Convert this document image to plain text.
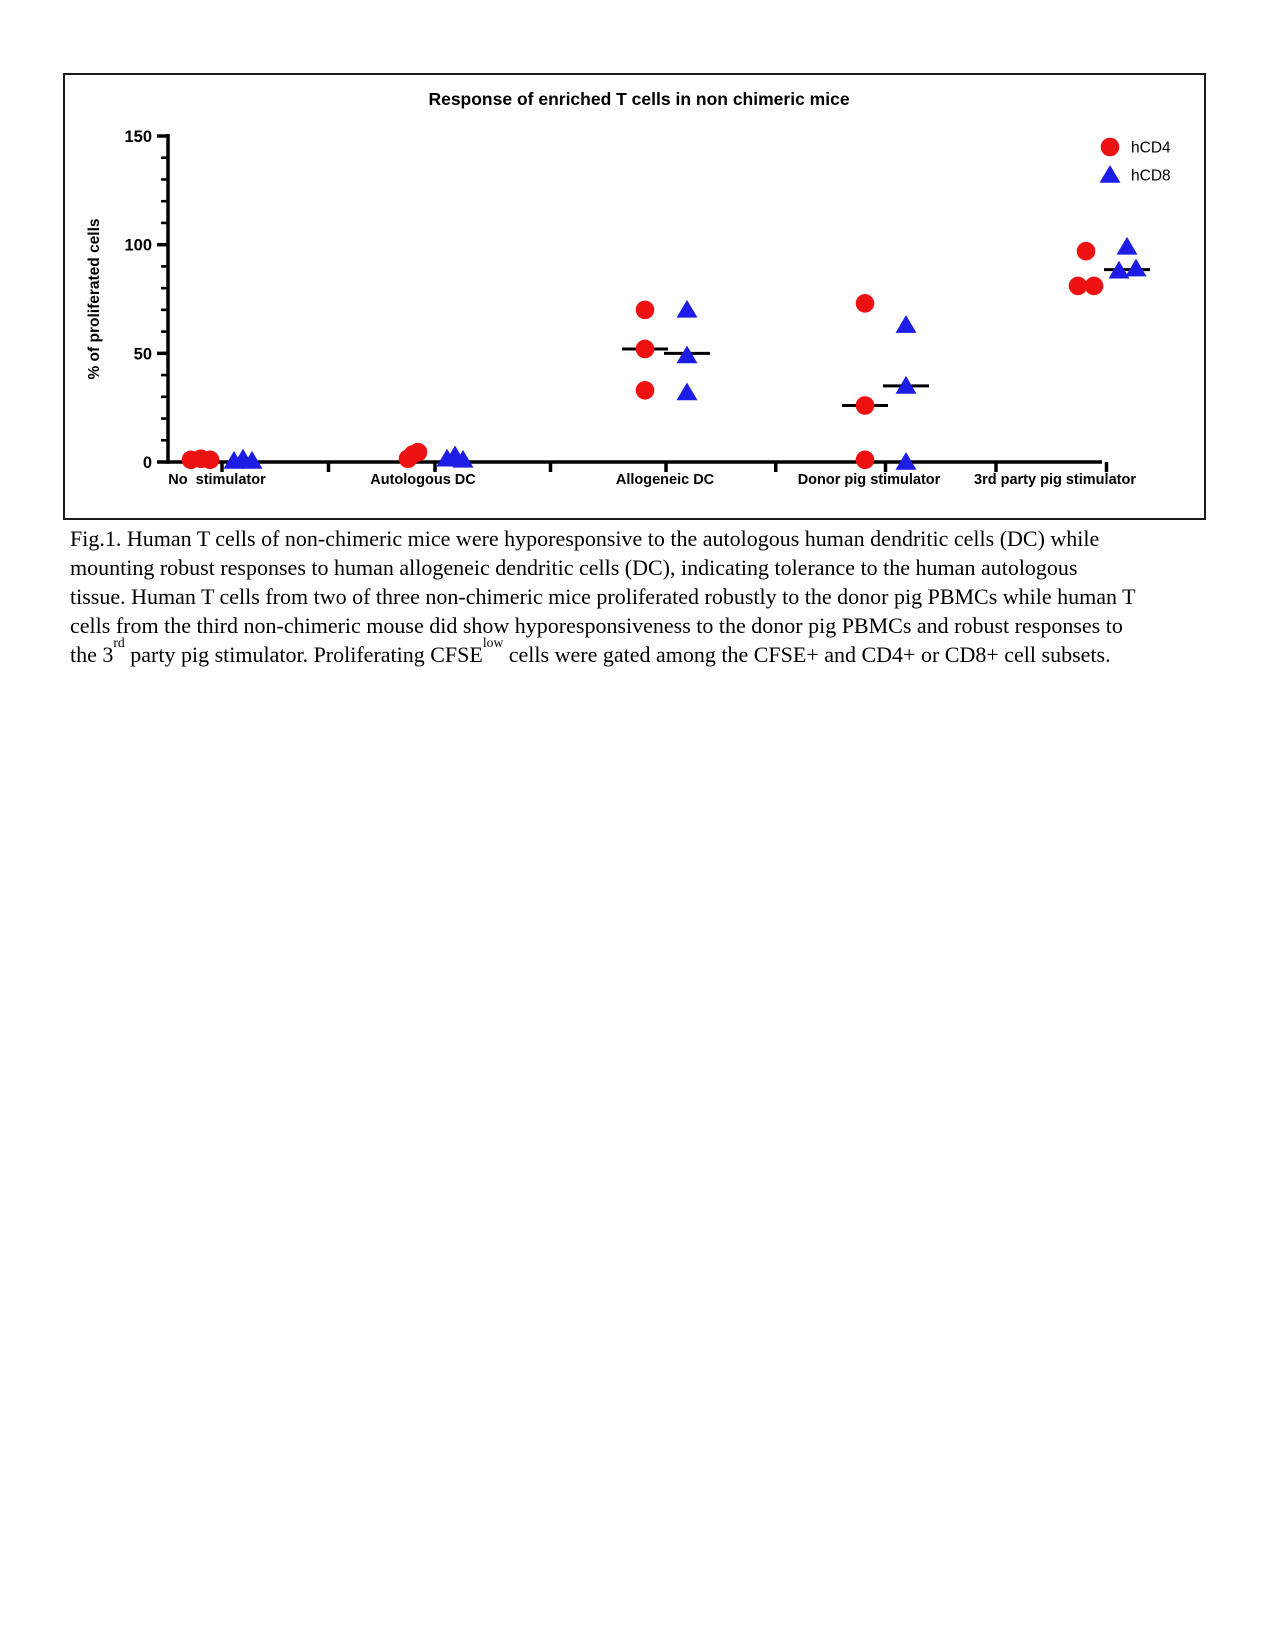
Response of enriched T cells in non chimeric mice
% of proliferated cells
0
50
100
150
No  stimulator	Autologous DC	Allogeneic DC	Donor pig stimulator 3rd party pig stimulator
hCD4
hCD8

Fig.1. Human T cells of non-chimeric mice were hyporesponsive to the autologous human dendritic cells (DC) while mounting robust responses to human allogeneic dendritic cells (DC), indicating tolerance to the human autologous tissue. Human T cells from two of three non-chimeric mice proliferated robustly to the donor pig PBMCs while human T cells from the third non-chimeric mouse did show hyporesponsiveness to the donor pig PBMCs and robust responses to the 3rd party pig stimulator. Proliferating $CFSE^{low}$ cells were gated among the CFSE+ and CD4+ or CD8+ cell subsets.
